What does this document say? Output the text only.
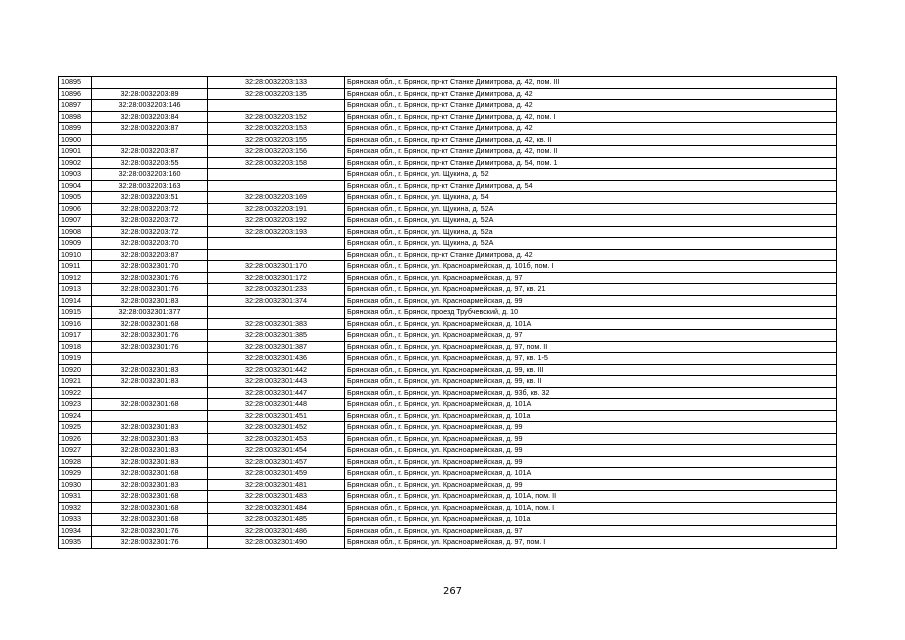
10895		32:28:0032203:133	Брянская обл., г. Брянск, пр-кт Станке Димитрова, д. 42, пом. III
10896	32:28:0032203:89	32:28:0032203:135	Брянская обл., г. Брянск, пр-кт Станке Димитрова, д. 42
10897	32:28:0032203:146		Брянская обл., г. Брянск, пр-кт Станке Димитрова, д. 42
10898	32:28:0032203:84	32:28:0032203:152	Брянская обл., г. Брянск, пр-кт Станке Димитрова, д. 42, пом. I
10899	32:28:0032203:87	32:28:0032203:153	Брянская обл., г. Брянск, пр-кт Станке Димитрова, д. 42
10900		32:28:0032203:155	Брянская обл., г. Брянск, пр-кт Станке Димитрова, д. 42, кв. II
10901	32:28:0032203:87	32:28:0032203:156	Брянская обл., г. Брянск, пр-кт Станке Димитрова, д. 42, пом. II
10902	32:28:0032203:55	32:28:0032203:158	Брянская обл., г. Брянск, пр-кт Станке Димитрова, д. 54, пом. 1
10903	32:28:0032203:160		Брянская обл., г. Брянск, ул. Щукина, д. 52
10904	32:28:0032203:163		Брянская обл., г. Брянск, пр-кт Станке Димитрова, д. 54
10905	32:28:0032203:51	32:28:0032203:169	Брянская обл., г. Брянск, ул. Щукина, д. 54
10906	32:28:0032203:72	32:28:0032203:191	Брянская обл., г. Брянск, ул. Щукина, д. 52А
10907	32:28:0032203:72	32:28:0032203:192	Брянская обл., г. Брянск, ул. Щукина, д. 52А
10908	32:28:0032203:72	32:28:0032203:193	Брянская обл., г. Брянск, ул. Щукина, д. 52а
10909	32:28:0032203:70		Брянская обл., г. Брянск, ул. Щукина, д. 52А
10910	32:28:0032203:87		Брянская обл., г. Брянск, пр-кт Станке Димитрова, д. 42
10911	32:28:0032301:70	32:28:0032301:170	Брянская обл., г. Брянск, ул. Красноармейская, д. 101б, пом. I
10912	32:28:0032301:76	32:28:0032301:172	Брянская обл., г. Брянск, ул. Красноармейская, д. 97
10913	32:28:0032301:76	32:28:0032301:233	Брянская обл., г. Брянск, ул. Красноармейская, д. 97, кв. 21
10914	32:28:0032301:83	32:28:0032301:374	Брянская обл., г. Брянск, ул. Красноармейская, д. 99
10915	32:28:0032301:377		Брянская обл., г. Брянск, проезд Трубчевский, д. 10
10916	32:28:0032301:68	32:28:0032301:383	Брянская обл., г. Брянск, ул. Красноармейская, д. 101А
10917	32:28:0032301:76	32:28:0032301:385	Брянская обл., г. Брянск, ул. Красноармейская, д. 97
10918	32:28:0032301:76	32:28:0032301:387	Брянская обл., г. Брянск, ул. Красноармейская, д. 97, пом. II
10919		32:28:0032301:436	Брянская обл., г. Брянск, ул. Красноармейская, д. 97, кв. 1-5
10920	32:28:0032301:83	32:28:0032301:442	Брянская обл., г. Брянск, ул. Красноармейская, д. 99, кв. III
10921	32:28:0032301:83	32:28:0032301:443	Брянская обл., г. Брянск, ул. Красноармейская, д. 99, кв. II
10922		32:28:0032301:447	Брянская обл., г. Брянск, ул. Красноармейская, д. 93б, кв. 32
10923	32:28:0032301:68	32:28:0032301:448	Брянская обл., г. Брянск, ул. Красноармейская, д. 101А
10924		32:28:0032301:451	Брянская обл., г. Брянск, ул. Красноармейская, д. 101а
10925	32:28:0032301:83	32:28:0032301:452	Брянская обл., г. Брянск, ул. Красноармейская, д. 99
10926	32:28:0032301:83	32:28:0032301:453	Брянская обл., г. Брянск, ул. Красноармейская, д. 99
10927	32:28:0032301:83	32:28:0032301:454	Брянская обл., г. Брянск, ул. Красноармейская, д. 99
10928	32:28:0032301:83	32:28:0032301:457	Брянская обл., г. Брянск, ул. Красноармейская, д. 99
10929	32:28:0032301:68	32:28:0032301:459	Брянская обл., г. Брянск, ул. Красноармейская, д. 101А
10930	32:28:0032301:83	32:28:0032301:481	Брянская обл., г. Брянск, ул. Красноармейская, д. 99
10931	32:28:0032301:68	32:28:0032301:483	Брянская обл., г. Брянск, ул. Красноармейская, д. 101А, пом. II
10932	32:28:0032301:68	32:28:0032301:484	Брянская обл., г. Брянск, ул. Красноармейская, д. 101А, пом. I
10933	32:28:0032301:68	32:28:0032301:485	Брянская обл., г. Брянск, ул. Красноармейская, д. 101а
10934	32:28:0032301:76	32:28:0032301:486	Брянская обл., г. Брянск, ул. Красноармейская, д. 97
10935	32:28:0032301:76	32:28:0032301:490	Брянская обл., г. Брянск, ул. Красноармейская, д. 97, пом. I
267
